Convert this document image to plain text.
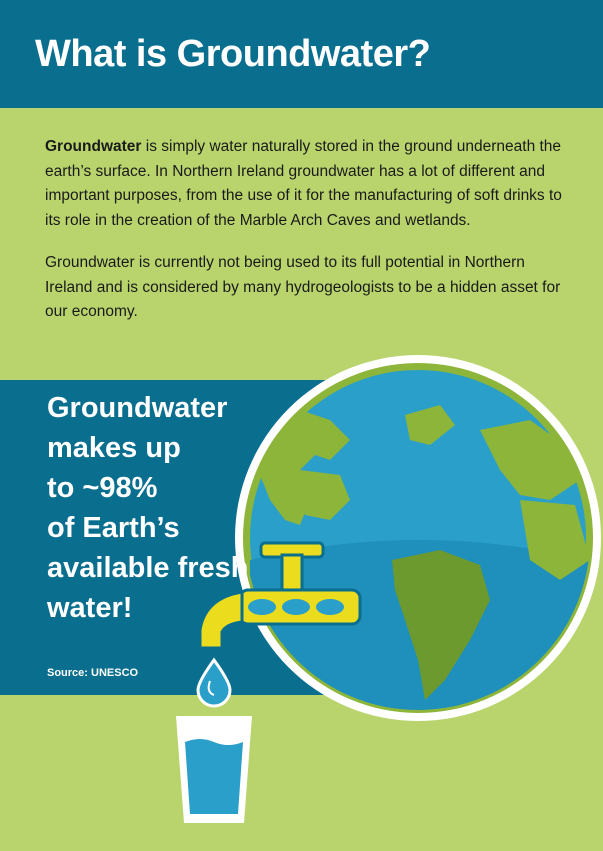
What is Groundwater?

Groundwater is simply water naturally stored in the ground underneath the earth’s surface. In Northern Ireland groundwater has a lot of different and important purposes, from the use of it for the manufacturing of soft drinks to its role in the creation of the Marble Arch Caves and wetlands.

Groundwater is currently not being used to its full potential in Northern Ireland and is considered by many hydrogeologists to be a hidden asset for our economy.

Groundwater
makes up
to ~98%
of Earth’s
available fresh
water!
Source: UNESCO
